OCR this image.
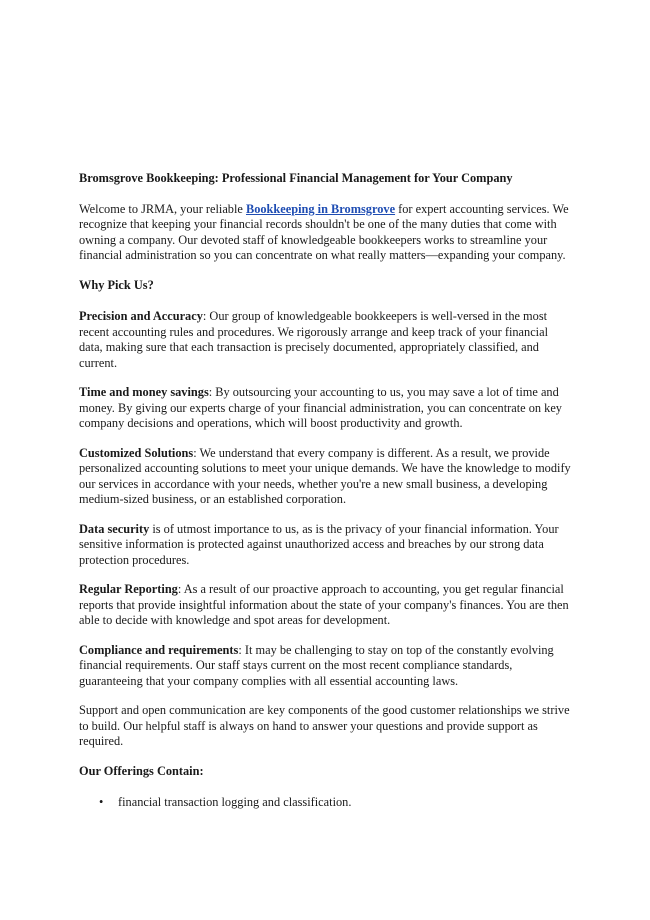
Bromsgrove Bookkeeping: Professional Financial Management for Your Company

Welcome to JRMA, your reliable Bookkeeping in Bromsgrove for expert accounting services. We recognize that keeping your financial records shouldn't be one of the many duties that come with owning a company. Our devoted staff of knowledgeable bookkeepers works to streamline your financial administration so you can concentrate on what really matters—expanding your company.

Why Pick Us?

Precision and Accuracy: Our group of knowledgeable bookkeepers is well-versed in the most recent accounting rules and procedures. We rigorously arrange and keep track of your financial data, making sure that each transaction is precisely documented, appropriately classified, and current.

Time and money savings: By outsourcing your accounting to us, you may save a lot of time and money. By giving our experts charge of your financial administration, you can concentrate on key company decisions and operations, which will boost productivity and growth.

Customized Solutions: We understand that every company is different. As a result, we provide personalized accounting solutions to meet your unique demands. We have the knowledge to modify our services in accordance with your needs, whether you're a new small business, a developing medium-sized business, or an established corporation.

Data security is of utmost importance to us, as is the privacy of your financial information. Your sensitive information is protected against unauthorized access and breaches by our strong data protection procedures.

Regular Reporting: As a result of our proactive approach to accounting, you get regular financial reports that provide insightful information about the state of your company's finances. You are then able to decide with knowledge and spot areas for development.

Compliance and requirements: It may be challenging to stay on top of the constantly evolving financial requirements. Our staff stays current on the most recent compliance standards, guaranteeing that your company complies with all essential accounting laws.

Support and open communication are key components of the good customer relationships we strive to build. Our helpful staff is always on hand to answer your questions and provide support as required.

Our Offerings Contain:

• financial transaction logging and classification.
